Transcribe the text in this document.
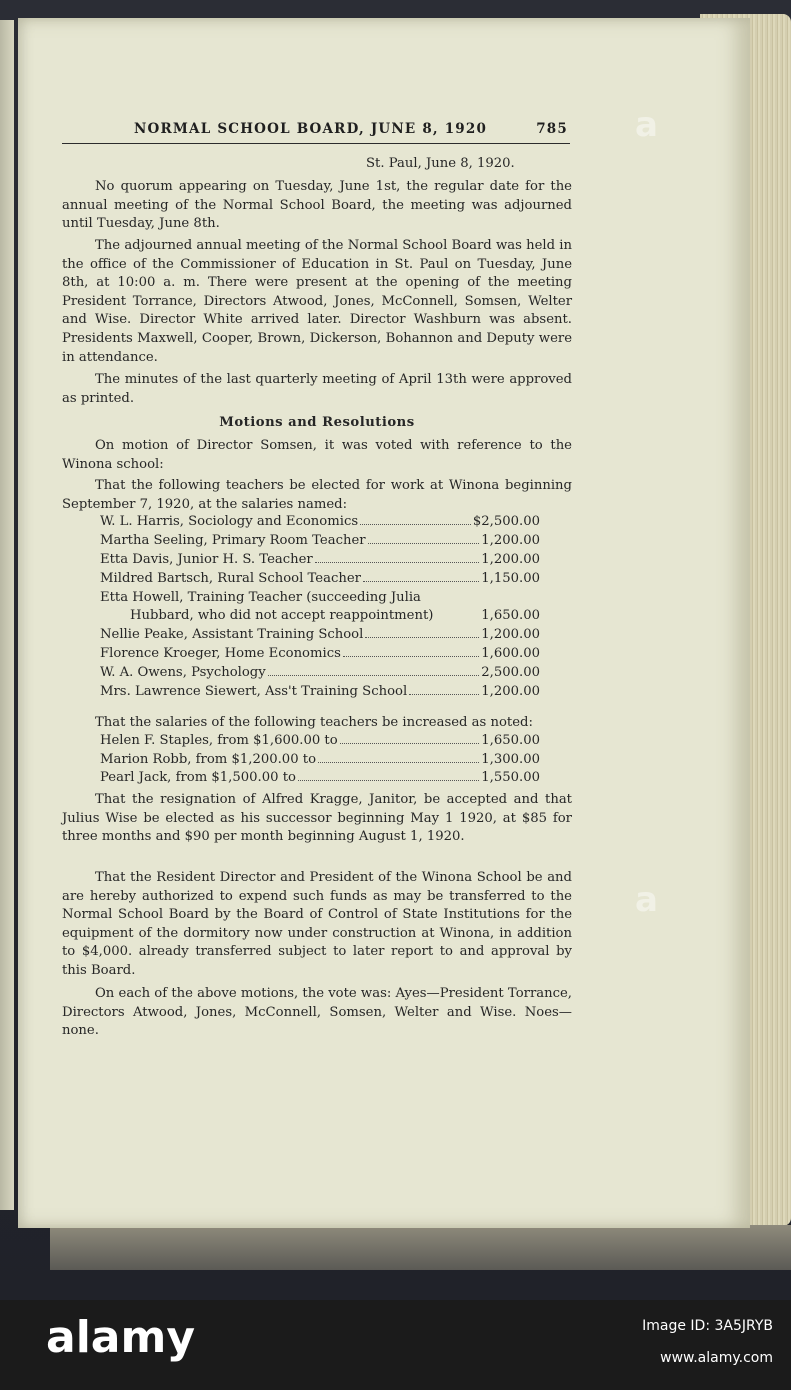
NORMAL SCHOOL BOARD, JUNE 8, 1920	785
St. Paul, June 8, 1920.
No quorum appearing on Tuesday, June 1st, the regular date for the annual meeting of the Normal School Board, the meeting was adjourned until Tuesday, June 8th.
The adjourned annual meeting of the Normal School Board was held in the office of the Commissioner of Education in St. Paul on Tuesday, June 8th, at 10:00 a. m. There were present at the opening of the meeting President Torrance, Directors Atwood, Jones, McConnell, Somsen, Welter and Wise. Director White arrived later. Director Washburn was absent. Presidents Maxwell, Cooper, Brown, Dickerson, Bohannon and Deputy were in attendance.
The minutes of the last quarterly meeting of April 13th were approved as printed.
Motions and Resolutions
On motion of Director Somsen, it was voted with reference to the Winona school:
That the following teachers be elected for work at Winona beginning September 7, 1920, at the salaries named:
W. L. Harris, Sociology and Economics	$2,500.00
Martha Seeling, Primary Room Teacher	1,200.00
Etta Davis, Junior H. S. Teacher	1,200.00
Mildred Bartsch, Rural School Teacher	1,150.00
Etta Howell, Training Teacher (succeeding Julia
Hubbard, who did not accept reappointment)	1,650.00
Nellie Peake, Assistant Training School	1,200.00
Florence Kroeger, Home Economics	1,600.00
W. A. Owens, Psychology	2,500.00
Mrs. Lawrence Siewert, Ass't Training School	1,200.00
That the salaries of the following teachers be increased as noted:
Helen F. Staples, from $1,600.00 to	1,650.00
Marion Robb, from $1,200.00 to	1,300.00
Pearl Jack, from $1,500.00 to	1,550.00
That the resignation of Alfred Kragge, Janitor, be accepted and that Julius Wise be elected as his successor beginning May 1 1920, at $85 for three months and $90 per month beginning August 1, 1920.
That the Resident Director and President of the Winona School be and are hereby authorized to expend such funds as may be transferred to the Normal School Board by the Board of Control of State Institutions for the equipment of the dormitory now under construction at Winona, in addition to $4,000. already transferred subject to later report to and approval by this Board.
On each of the above motions, the vote was: Ayes—President Torrance, Directors Atwood, Jones, McConnell, Somsen, Welter and Wise. Noes—none.
a
a
alamy	Image ID: 3A5JRYB
www.alamy.com
